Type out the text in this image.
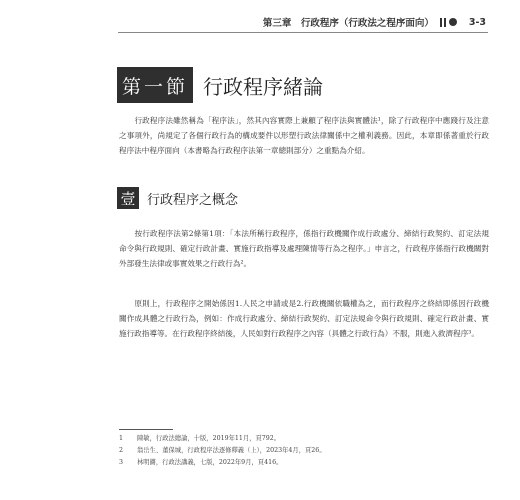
第三章　行政程序（行政法之程序面向）	3-3
第一節 行政程序緒論

　　行政程序法雖然稱為「程序法」，然其內容實際上兼顧了程序法與實體法¹，除了行政程序中應踐行及注意之事項外，尚規定了各個行政行為的構成要件以形塑行政法律關係中之權利義務。因此，本章即係著重於行政程序法中程序面向（本書略為行政程序法第一章總則部分）之重點為介紹。

壹 行政程序之概念

　　按行政程序法第2條第1項：「本法所稱行政程序，係指行政機關作成行政處分、締結行政契約、訂定法規命令與行政規則、確定行政計畫、實施行政指導及處理陳情等行為之程序。」申言之，行政程序係指行政機關對外部發生法律或事實效果之行政行為²。

　　原則上，行政程序之開始係因1.人民之申請或是2.行政機關依職權為之，而行政程序之終結即係因行政機關作成具體之行政行為，例如：作成行政處分、締結行政契約、訂定法規命令與行政規則、確定行政計畫、實施行政指導等。在行政程序終結後，人民如對行政程序之內容（具體之行政行為）不服，則進入救濟程序³。

1	陳敏，行政法總論，十版，2019年11月，頁792。
2	翁岳生、董保城，行政程序法逐條釋義（上），2023年4月，頁26。
3	林明鏘，行政法講義，七版，2022年9月，頁416。
